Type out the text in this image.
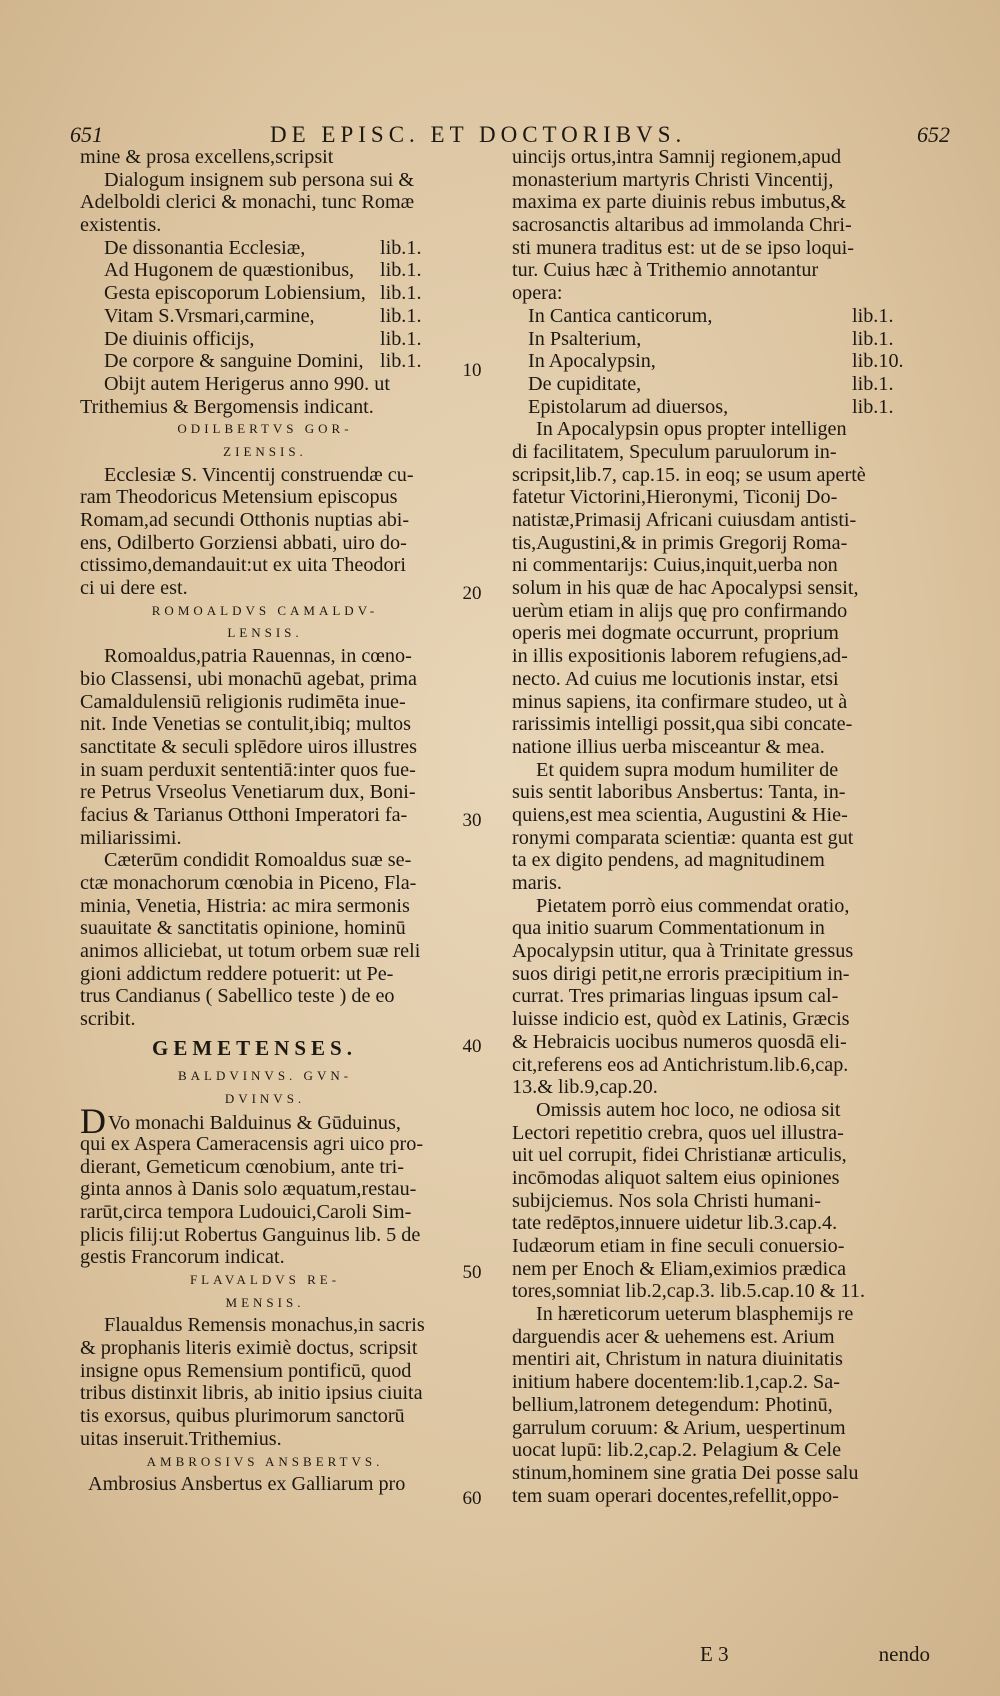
651	DE EPISC. ET DOCTORIBVS.	652
mine & prosa excellens,scripsit
Dialogum insignem sub persona sui &
Adelboldi clerici & monachi, tunc Romæ
existentis.
De dissonantia Ecclesiæ,	lib.1.
Ad Hugonem de quæstionibus,	lib.1.
Gesta episcoporum Lobiensium, lib.1.
Vitam S.Vrsmari,carmine,	lib.1.
De diuinis officijs,	lib.1.
De corpore & sanguine Domini, lib.1.
Obijt autem Herigerus anno 990. ut
Trithemius & Bergomensis indicant.
ODILBERTVS GOR-
ZIENSIS.
Ecclesiæ S. Vincentij construendæ cu-
ram Theodoricus Metensium episcopus
Romam,ad secundi Otthonis nuptias abi-
ens, Odilberto Gorziensi abbati, uiro do-
ctissimo,demandauit:ut ex uita Theodori
ci ui dere est.
ROMOALDVS CAMALDV-
LENSIS.
Romoaldus,patria Rauennas, in cœno-
bio Classensi, ubi monachū agebat, prima
Camaldulensiū religionis rudimēta inue-
nit. Inde Venetias se contulit,ibiq; multos
sanctitate & seculi splēdore uiros illustres
in suam perduxit sententiā:inter quos fue-
re Petrus Vrseolus Venetiarum dux, Boni-
facius & Tarianus Otthoni Imperatori fa-
miliarissimi.
Cæterūm condidit Romoaldus suæ se-
ctæ monachorum cœnobia in Piceno, Fla-
minia, Venetia, Histria: ac mira sermonis
suauitate & sanctitatis opinione, hominū
animos alliciebat, ut totum orbem suæ reli
gioni addictum reddere potuerit: ut Pe-
trus Candianus ( Sabellico teste ) de eo
scribit.
GEMETENSES.
BALDVINVS. GVN-
DVINVS.
DVo monachi Balduinus & Gūduinus,
qui ex Aspera Cameracensis agri uico pro-
dierant, Gemeticum cœnobium, ante tri-
ginta annos à Danis solo æquatum,restau-
rarūt,circa tempora Ludouici,Caroli Sim-
plicis filij:ut Robertus Ganguinus lib. 5 de
gestis Francorum indicat.
FLAVALDVS RE-
MENSIS.
Flaualdus Remensis monachus,in sacris
& prophanis literis eximiè doctus, scripsit
insigne opus Remensium pontificū, quod
tribus distinxit libris, ab initio ipsius ciuita
tis exorsus, quibus plurimorum sanctorū
uitas inseruit.Trithemius.
AMBROSIVS ANSBERTVS.
Ambrosius Ansbertus ex Galliarum pro
10
20
30
40
50
60
uincijs ortus,intra Samnij regionem,apud
monasterium martyris Christi Vincentij,
maxima ex parte diuinis rebus imbutus,&
sacrosanctis altaribus ad immolanda Chri-
sti munera traditus est: ut de se ipso loqui-
tur. Cuius hæc à Trithemio annotantur
opera:
In Cantica canticorum,	lib.1.
In Psalterium,	lib.1.
In Apocalypsin,	lib.10.
De cupiditate,	lib.1.
Epistolarum ad diuersos,	lib.1.
In Apocalypsin opus propter intelligen
di facilitatem, Speculum paruulorum in-
scripsit,lib.7, cap.15. in eoq; se usum apertè
fatetur Victorini,Hieronymi, Ticonij Do-
natistæ,Primasij Africani cuiusdam antisti-
tis,Augustini,& in primis Gregorij Roma-
ni commentarijs: Cuius,inquit,uerba non
solum in his quæ de hac Apocalypsi sensit,
uerùm etiam in alijs quę pro confirmando
operis mei dogmate occurrunt, proprium
in illis expositionis laborem refugiens,ad-
necto. Ad cuius me locutionis instar, etsi
minus sapiens, ita confirmare studeo, ut à
rarissimis intelligi possit,qua sibi concate-
natione illius uerba misceantur & mea.
Et quidem supra modum humiliter de
suis sentit laboribus Ansbertus: Tanta, in-
quiens,est mea scientia, Augustini & Hie-
ronymi comparata scientiæ: quanta est gut
ta ex digito pendens, ad magnitudinem
maris.
Pietatem porrò eius commendat oratio,
qua initio suarum Commentationum in
Apocalypsin utitur, qua à Trinitate gressus
suos dirigi petit,ne erroris præcipitium in-
currat. Tres primarias linguas ipsum cal-
luisse indicio est, quòd ex Latinis, Græcis
& Hebraicis uocibus numeros quosdā eli-
cit,referens eos ad Antichristum.lib.6,cap.
13.& lib.9,cap.20.
Omissis autem hoc loco, ne odiosa sit
Lectori repetitio crebra, quos uel illustra-
uit uel corrupit, fidei Christianæ articulis,
incōmodas aliquot saltem eius opiniones
subijciemus. Nos sola Christi humani-
tate redēptos,innuere uidetur lib.3.cap.4.
Iudæorum etiam in fine seculi conuersio-
nem per Enoch & Eliam,eximios prædica
tores,somniat lib.2,cap.3. lib.5.cap.10 & 11.
In hæreticorum ueterum blasphemijs re
darguendis acer & uehemens est. Arium
mentiri ait, Christum in natura diuinitatis
initium habere docentem:lib.1,cap.2. Sa-
bellium,latronem detegendum: Photinū,
garrulum coruum: & Arium, uespertinum
uocat lupū: lib.2,cap.2. Pelagium & Cele
stinum,hominem sine gratia Dei posse salu
tem suam operari docentes,refellit,oppo-
E 3	nendo
